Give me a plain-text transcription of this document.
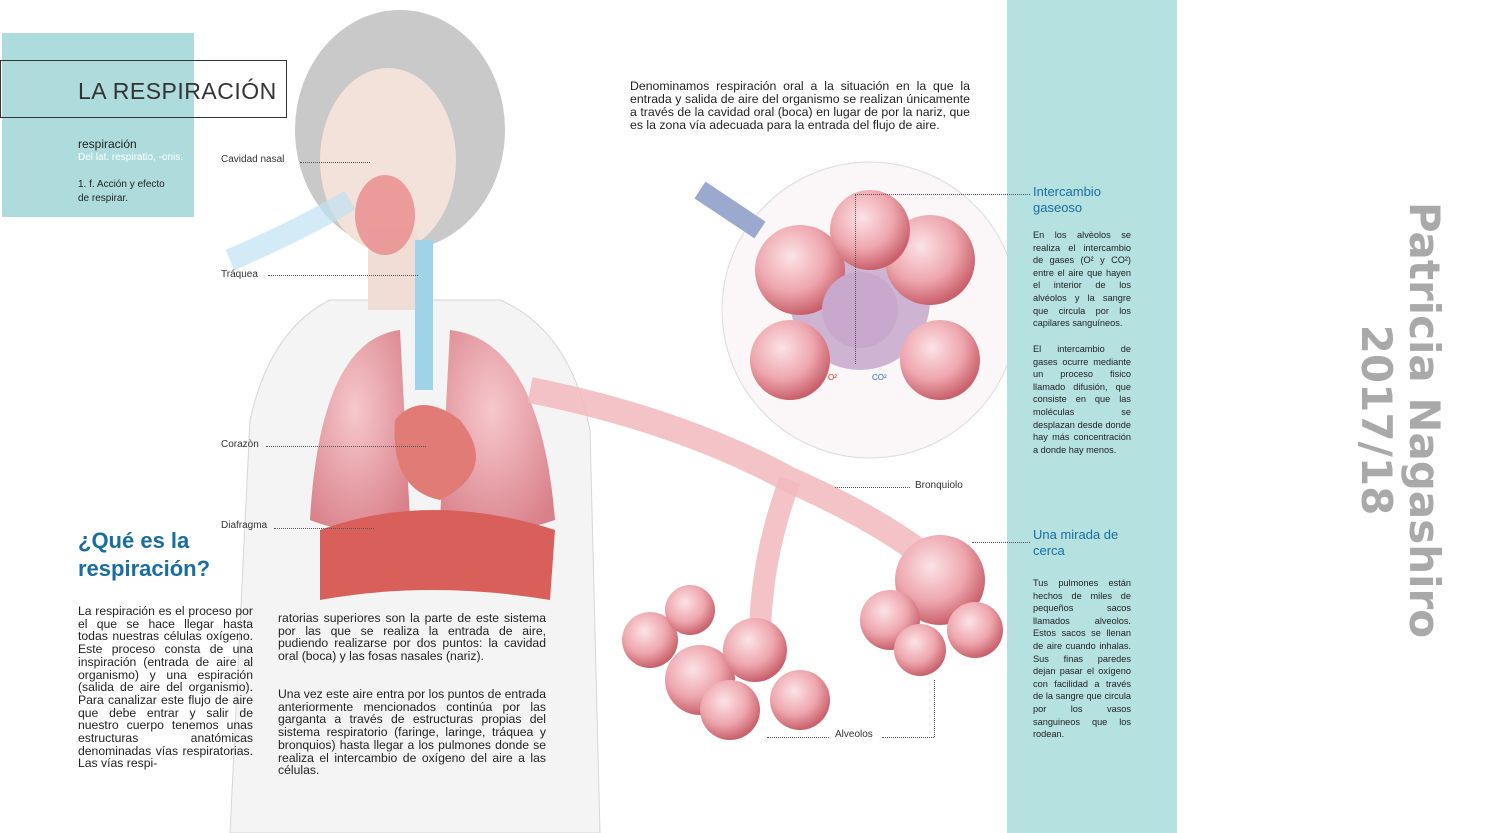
O²	CO²
LA RESPIRACIÓN
respiración
Del lat. respiratio, -onis.
1. f. Acción y efecto de respirar.
Denominamos respiración oral a la situación en la que la entrada y salida de aire del organismo se realizan únicamente a través de la cavidad oral (boca) en lugar de por la nariz, que es la zona vía adecuada para la entrada del flujo de aire.
Cavidad nasal
Tráquea
Corazòn
Diafragma
Bronquiolo
Alveolos
¿Qué es la respiración?
La respiración es el proceso por el que se hace llegar hasta todas nuestras células oxígeno. Este proceso consta de una inspiración (entrada de aire al organismo) y una espiración (salida de aire del organismo). Para canalizar este flujo de aire que debe entrar y salir de nuestro cuerpo tenemos unas estructuras anatómicas denominadas vías respiratorias. Las vías respi-
ratorias superiores son la parte de este sistema por las que se realiza la entrada de aire, pudiendo realizarse por dos puntos: la cavidad oral (boca) y las fosas nasales (nariz).
Una vez este aire entra por los puntos de entrada anteriormente mencionados continúa por las garganta a través de estructuras propias del sistema respiratorio (faringe, laringe, tráquea y bronquios) hasta llegar a los pulmones donde se realiza el intercambio de oxígeno del aire a las células.
Intercambio gaseoso
En los alvèolos se realiza el intercambio de gases (O² y CO²) entre el aire que hayen el interior de los alvéolos y la sangre que circula por los capilares sanguíneos.
El intercambio de gases ocurre mediante un proceso fisico llamado difusión, que consiste en que las moléculas se desplazan desde donde hay más concentración a donde hay menos.
Una mirada de cerca
Tus pulmones están hechos de miles de pequeños sacos llamados alveolos. Estos sacos se llenan de aire cuando inhalas. Sus finas paredes dejan pasar el oxígeno con facilidad a través de la sangre que circula por los vasos sanguineos que los rodean.
Patricia Nagashiro
2017/18
